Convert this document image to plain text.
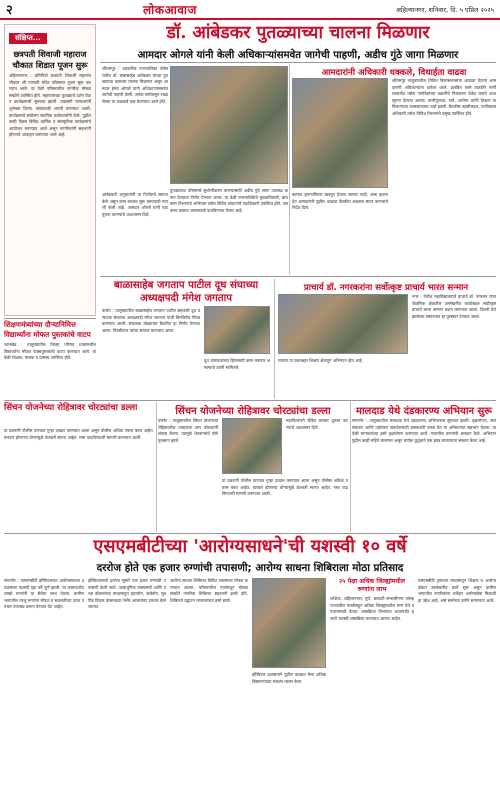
२	लोकआवाज	अहिल्यानगर, शनिवार, दि. ५ एप्रिल २०२५
संक्षिप्त...
छत्रपती शिवाजी महाराज चौकात शिडात पूजन सुरू
अहिल्यानगर : प्रतिनिधी छत्रपती शिवाजी महाराज चौकात श्री गणपती मंदिर परिसरात पूजन सुरू करण्यात आले. या वेळी परिसरातील नागरिक मोठ्या संख्येने उपस्थित होते. महाराजांच्या पुतळ्याचे दर्शन घेऊन कार्यक्रमाची सुरुवात झाली. याप्रसंगी मान्यवरांनी शुभेच्छा दिल्या. सायंकाळी आरती करण्यात आली. कार्यक्रमाचे संयोजन स्थानिक कार्यकर्त्यांनी केले. पुढील काही दिवस विविध धार्मिक व सांस्कृतिक कार्यक्रमांचे आयोजन करण्यात आले असून नागरिकांनी सहभागी होण्याचे आवाहन करण्यात आले आहे.
डॉ. आंबेडकर पुतळ्याच्या चालना मिळणार
आमदार ओगले यांनी केली अधिकाऱ्यांसमवेत जागेची पाहणी, अडीच गुंठे जागा मिळणार
श्रीरामपूर : शहरातील नगरपालिका परिसरातील डॉ. बाबासाहेब आंबेडकर यांच्या पुतळ्याच्या कामाला चालना मिळणार असून आमदार हेमंत ओगले यांनी अधिकाऱ्यांसमवेत जागेची पाहणी केली. अनेक वर्षांपासून रखडलेल्या या प्रश्नाकडे लक्ष वेधण्यात आले होते.
पुतळ्याच्या परिसराचे सुशोभीकरण करण्यासाठी अडीच गुंठे जागा उपलब्ध करून देण्याचा निर्णय घेण्यात आला. या वेळी नगरपालिकेचे मुख्याधिकारी, बांधकाम विभागाचे अभियंता तसेच विविध संघटनांचे पदाधिकारी उपस्थित होते. लवकरच प्रस्ताव शासनाकडे पाठविण्यात येणार आहे.
आंबेडकरी अनुयायांनी या निर्णयाचे स्वागत केले असून काम लवकर सुरू करण्याची मागणी केली आहे. आमदार ओगले यांनी पाठपुरावा करण्याचे आश्वासन दिले.
आमदारांनी अधिकारी धक्कले, विधार्हता वाढवा
श्रीरामपूर तालुक्यातील विविध विकासकामांचा आढावा घेताना आमदारांनी अधिकाऱ्यांना धारेवर धरले. प्रलंबित कामे तातडीने मार्गी लावावीत तसेच नागरिकांच्या तक्रारींचे निराकरण वेळेत करावे अशा सूचना देण्यात आल्या. पाणीपुरवठा, रस्ते, आरोग्य आणि शिक्षण या विभागांच्या कामकाजावर चर्चा झाली. बैठकीस तहसीलदार, गटविकास अधिकारी तसेच विविध विभागांचे प्रमुख उपस्थित होते.
कामात हलगर्जीपणा खपवून घेतला जाणार नाही, असा इशारा देत आमदारांनी पुढील आढावा बैठकीत अहवाल सादर करण्याचे निर्देश दिले.
बाळासाहेब जगताप पाटील दूध संघाच्या अध्यक्षपदी मंगेश जगताप
कर्जत : तालुक्यातील बाळासाहेब जगताप पाटील सहकारी दूध उत्पादक संघाच्या अध्यक्षपदी मंगेश जगताप यांची बिनविरोध निवड करण्यात आली. संचालक मंडळाच्या बैठकीत हा निर्णय घेण्यात आला. निवडीनंतर त्यांचा सत्कार करण्यात आला.
दूध उत्पादकांच्या हितासाठी काम करणार असल्याचे त्यांनी सांगितले.
प्राचार्य डॉ. नगरकरांना सर्वोत्कृष्ट प्राचार्य भारत सन्मान
नगर : येथील महाविद्यालयाचे प्राचार्य डॉ. नगरकर यांना शैक्षणिक क्षेत्रातील उल्लेखनीय कार्याबद्दल सर्वोत्कृष्ट प्राचार्य भारत सन्मान प्रदान करण्यात आला. दिल्ली येथे झालेल्या समारंभात हा पुरस्कार देण्यात आला.
त्यांच्या या यशाबद्दल शिक्षण क्षेत्रातून अभिनंदन होत आहे.
शिक्षणमंत्र्यांच्या दौऱ्यानिमित्त विद्यार्थ्यांना मोफत पुस्तकांचे वाटप
जामखेड : तालुक्यातील जिल्हा परिषद शाळांमधील विद्यार्थ्यांना मोफत पाठ्यपुस्तकांचे वाटप करण्यात आले. या वेळी शिक्षक, पालक व ग्रामस्थ उपस्थित होते.
सिंचन योजनेच्या रोहित्रावर चोरट्यांचा डल्ला
या प्रकरणी पोलीस ठाण्यात गुन्हा दाखल करण्यात आला असून पोलीस अधिक तपास करत आहेत. वारंवार होणाऱ्या चोऱ्यांमुळे शेतकरी संतप्त आहेत. गस्त वाढविण्याची मागणी करण्यात आली.
सिंचन योजनेच्या रोहित्रावर चोरट्यांचा डल्ला
पारनेर : तालुक्यातील सिंचन योजनेच्या रोहित्रावरील तांब्याच्या तारा चोरट्यांनी लंपास केल्या. त्यामुळे शेतकऱ्यांचे मोठे नुकसान झाले.
महावितरणने रोहित्र लवकर दुरुस्त करण्याचे आश्वासन दिले.
या प्रकरणी पोलीस ठाण्यात गुन्हा दाखल करण्यात आला असून पोलीस अधिक तपास करत आहेत. वारंवार होणाऱ्या चोऱ्यांमुळे शेतकरी संतप्त आहेत. गस्त वाढविण्याची मागणी करण्यात आली.
मालदाड येथे दंडकारण्य अभियान सुरू
संगमनेर : तालुक्यातील मालदाड येथे दंडकारण्य अभियानास सुरुवात झाली. वृक्षारोपण, जलसंधारण आणि पर्यावरण संवर्धनासाठी ग्रामस्थांनी एकत्र येत या अभियानात सहभाग घेतला. या वेळी मान्यवरांच्या हस्ते वृक्षारोपण करण्यात आले. गावातील तरुणांनी श्रमदान केले. अभियान पुढील काही महिने चालणार असून प्रत्येक कुटुंबाने एक झाड लावण्याचा संकल्प केला आहे.
एसएमबीटीच्या 'आरोग्यसाधने'ची यशस्वी १० वर्षे
दररोज होते एक हजार रुग्णांची तपासणी; आरोग्य साधना शिबिराला मोठा प्रतिसाद
संगमनेर : एसएमबीटी हॉस्पिटलच्या आरोग्यसाधना उपक्रमाला यशस्वी दहा वर्षे पूर्ण झाली. या कालावधीत लाखो रुग्णांनी या सेवेचा लाभ घेतला. ग्रामीण भागातील गरजू रुग्णांना मोफत व सवलतीच्या दरात उपचार उपलब्ध करून देण्यात येत आहेत.
हॉस्पिटलमध्ये दररोज सुमारे एक हजार रुग्णांची तपासणी केली जाते. अत्याधुनिक यंत्रसामग्री आणि तज्ज्ञ डॉक्टरांच्या माध्यमातून हृदयरोग, कर्करोग, मूत्रपिंड विकार यांसारख्या गंभीर आजारांवर उपचार केले जातात.
आरोग्य साधना शिबिरात विविध तपासण्या मोफत करण्यात आल्या. परिसरातील गावांमधून मोठ्या संख्येने नागरिक शिबिरात सहभागी झाले होते. शिबिराचे उद्घाटन मान्यवरांच्या हस्ते झाले.
हॉस्पिटल प्रशासनाने पुढील काळात सेवा अधिक विस्तारण्याचा संकल्प व्यक्त केला.
२५ पेक्षा अधिक जिल्ह्यांमधील रुग्णांना लाभ
नाशिक, अहिल्यानगर, पुणे, छत्रपती संभाजीनगर यांसह राज्यातील पंचवीसहून अधिक जिल्ह्यांमधील रुग्ण येथे उपचारासाठी येतात. शस्त्रक्रिया विभागात आतापर्यंत हजारो यशस्वी शस्त्रक्रिया करण्यात आल्या आहेत.
एसएमबीटी ट्रस्टच्या माध्यमातून शिक्षण व आरोग्य क्षेत्रात उल्लेखनीय कार्य सुरू असून ग्रामीण भागातील नागरिकांना दर्जेदार आरोग्यसेवा मिळावी हा उद्देश आहे, असे संस्थेच्या वतीने सांगण्यात आले.
